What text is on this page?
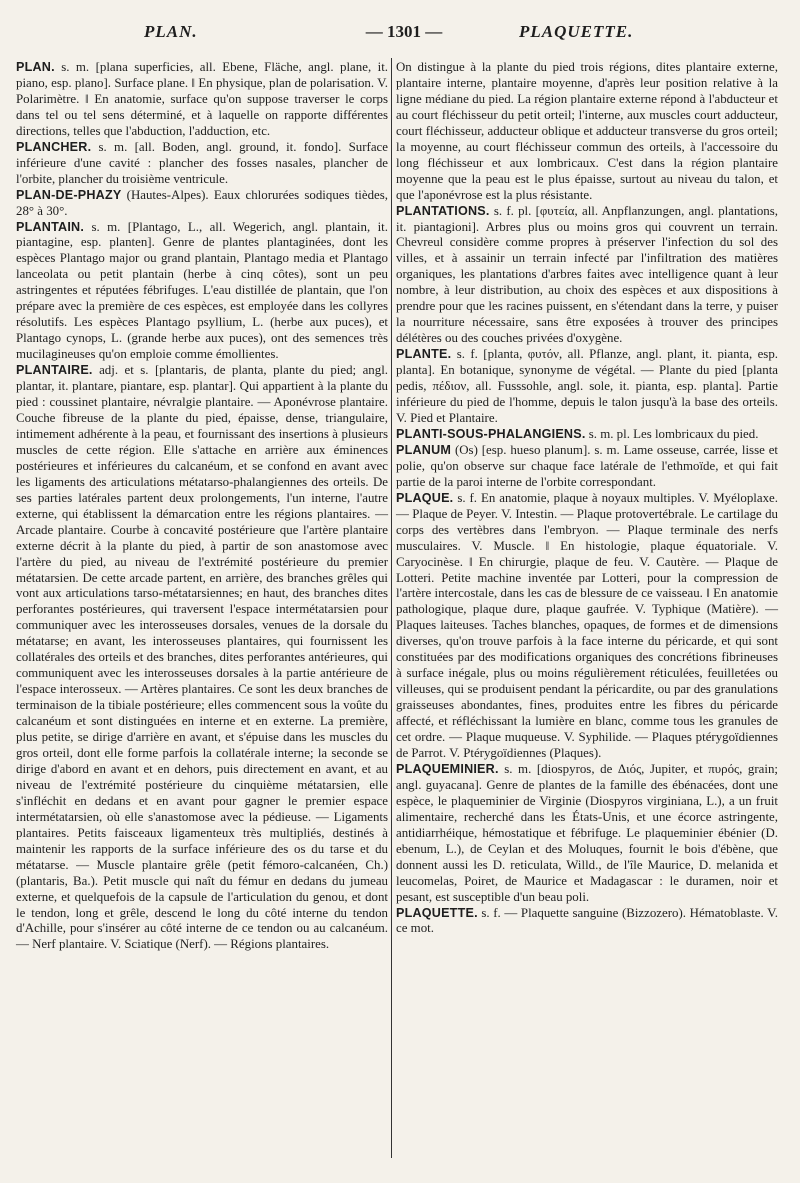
PLAN.	— 1301 —	PLAQUETTE.

PLAN. s. m. [plana superficies, all. Ebene, Fläche, angl. plane, it. piano, esp. plano]. Surface plane. ‖ En physique, plan de polarisation. V. Polarimètre. ‖ En anatomie, surface qu'on suppose traverser le corps dans tel ou tel sens déterminé, et à laquelle on rapporte différentes directions, telles que l'abduction, l'adduction, etc.

PLANCHER. s. m. [all. Boden, angl. ground, it. fondo]. Surface inférieure d'une cavité : plancher des fosses nasales, plancher de l'orbite, plancher du troisième ventricule.

PLAN-DE-PHAZY (Hautes-Alpes). Eaux chlorurées sodiques tièdes, 28° à 30°.

PLANTAIN. s. m. [Plantago, L., all. Wegerich, angl. plantain, it. piantagine, esp. planten]. Genre de plantes plantaginées, dont les espèces Plantago major ou grand plantain, Plantago media et Plantago lanceolata ou petit plantain (herbe à cinq côtes), sont un peu astringentes et réputées fébrifuges. L'eau distillée de plantain, que l'on prépare avec la première de ces espèces, est employée dans les collyres résolutifs. Les espèces Plantago psyllium, L. (herbe aux puces), et Plantago cynops, L. (grande herbe aux puces), ont des semences très mucilagineuses qu'on emploie comme émollientes.

PLANTAIRE. adj. et s. [plantaris, de planta, plante du pied; angl. plantar, it. plantare, piantare, esp. plantar]. Qui appartient à la plante du pied : coussinet plantaire, névralgie plantaire. — Aponévrose plantaire. Couche fibreuse de la plante du pied, épaisse, dense, triangulaire, intimement adhérente à la peau, et fournissant des insertions à plusieurs muscles de cette région. Elle s'attache en arrière aux éminences postérieures et inférieures du calcanéum, et se confond en avant avec les ligaments des articulations métatarso-phalangiennes des orteils. De ses parties latérales partent deux prolongements, l'un interne, l'autre externe, qui établissent la démarcation entre les régions plantaires. — Arcade plantaire. Courbe à concavité postérieure que l'artère plantaire externe décrit à la plante du pied, à partir de son anastomose avec l'artère du pied, au niveau de l'extrémité postérieure du premier métatarsien. De cette arcade partent, en arrière, des branches grêles qui vont aux articulations tarso-métatarsiennes; en haut, des branches dites perforantes postérieures, qui traversent l'espace intermétatarsien pour communiquer avec les interosseuses dorsales, venues de la dorsale du métatarse; en avant, les interosseuses plantaires, qui fournissent les collatérales des orteils et des branches, dites perforantes antérieures, qui communiquent avec les interosseuses dorsales à la partie antérieure de l'espace interosseux. — Artères plantaires. Ce sont les deux branches de terminaison de la tibiale postérieure; elles commencent sous la voûte du calcanéum et sont distinguées en interne et en externe. La première, plus petite, se dirige d'arrière en avant, et s'épuise dans les muscles du gros orteil, dont elle forme parfois la collatérale interne; la seconde se dirige d'abord en avant et en dehors, puis directement en avant, et au niveau de l'extrémité postérieure du cinquième métatarsien, elle s'infléchit en dedans et en avant pour gagner le premier espace intermétatarsien, où elle s'anastomose avec la pédieuse. — Ligaments plantaires. Petits faisceaux ligamenteux très multipliés, destinés à maintenir les rapports de la surface inférieure des os du tarse et du métatarse. — Muscle plantaire grêle (petit fémoro-calcanéen, Ch.) (plantaris, Ba.). Petit muscle qui naît du fémur en dedans du jumeau externe, et quelquefois de la capsule de l'articulation du genou, et dont le tendon, long et grêle, descend le long du côté interne du tendon d'Achille, pour s'insérer au côté interne de ce tendon ou au calcanéum. — Nerf plantaire. V. Sciatique (Nerf). — Régions plantaires.

On distingue à la plante du pied trois régions, dites plantaire externe, plantaire interne, plantaire moyenne, d'après leur position relative à la ligne médiane du pied. La région plantaire externe répond à l'abducteur et au court fléchisseur du petit orteil; l'interne, aux muscles court adducteur, court fléchisseur, adducteur oblique et adducteur transverse du gros orteil; la moyenne, au court fléchisseur commun des orteils, à l'accessoire du long fléchisseur et aux lombricaux. C'est dans la région plantaire moyenne que la peau est le plus épaisse, surtout au niveau du talon, et que l'aponévrose est la plus résistante.

PLANTATIONS. s. f. pl. [φυτεία, all. Anpflanzungen, angl. plantations, it. piantagioni]. Arbres plus ou moins gros qui couvrent un terrain. Chevreul considère comme propres à préserver l'infection du sol des villes, et à assainir un terrain infecté par l'infiltration des matières organiques, les plantations d'arbres faites avec intelligence quant à leur nombre, à leur distribution, au choix des espèces et aux dispositions à prendre pour que les racines puissent, en s'étendant dans la terre, y puiser la nourriture nécessaire, sans être exposées à trouver des principes délétères ou des couches privées d'oxygène.

PLANTE. s. f. [planta, φυτόν, all. Pflanze, angl. plant, it. pianta, esp. planta]. En botanique, synonyme de végétal. — Plante du pied [planta pedis, πέδιον, all. Fusssohle, angl. sole, it. pianta, esp. planta]. Partie inférieure du pied de l'homme, depuis le talon jusqu'à la base des orteils. V. Pied et Plantaire.

PLANTI-SOUS-PHALANGIENS. s. m. pl. Les lombricaux du pied.

PLANUM (Os) [esp. hueso planum]. s. m. Lame osseuse, carrée, lisse et polie, qu'on observe sur chaque face latérale de l'ethmoïde, et qui fait partie de la paroi interne de l'orbite correspondant.

PLAQUE. s. f. En anatomie, plaque à noyaux multiples. V. Myéloplaxe. — Plaque de Peyer. V. Intestin. — Plaque protovertébrale. Le cartilage du corps des vertèbres dans l'embryon. — Plaque terminale des nerfs musculaires. V. Muscle. ‖ En histologie, plaque équatoriale. V. Caryocinèse. ‖ En chirurgie, plaque de feu. V. Cautère. — Plaque de Lotteri. Petite machine inventée par Lotteri, pour la compression de l'artère intercostale, dans les cas de blessure de ce vaisseau. ‖ En anatomie pathologique, plaque dure, plaque gaufrée. V. Typhique (Matière). — Plaques laiteuses. Taches blanches, opaques, de formes et de dimensions diverses, qu'on trouve parfois à la face interne du péricarde, et qui sont constituées par des modifications organiques des concrétions fibrineuses à surface inégale, plus ou moins régulièrement réticulées, feuilletées ou villeuses, qui se produisent pendant la péricardite, ou par des granulations graisseuses abondantes, fines, produites entre les fibres du péricarde affecté, et réfléchissant la lumière en blanc, comme tous les granules de cet ordre. — Plaque muqueuse. V. Syphilide. — Plaques ptérygoïdiennes de Parrot. V. Ptérygoïdiennes (Plaques).

PLAQUEMINIER. s. m. [diospyros, de Διός, Jupiter, et πυρός, grain; angl. guyacana]. Genre de plantes de la famille des ébénacées, dont une espèce, le plaqueminier de Virginie (Diospyros virginiana, L.), a un fruit alimentaire, recherché dans les États-Unis, et une écorce astringente, antidiarrhéique, hémostatique et fébrifuge. Le plaqueminier ébénier (D. ebenum, L.), de Ceylan et des Moluques, fournit le bois d'ébène, que donnent aussi les D. reticulata, Willd., de l'île Maurice, D. melanida et leucomelas, Poiret, de Maurice et Madagascar : le duramen, noir et pesant, est susceptible d'un beau poli.

PLAQUETTE. s. f. — Plaquette sanguine (Bizzozero). Hématoblaste. V. ce mot.
